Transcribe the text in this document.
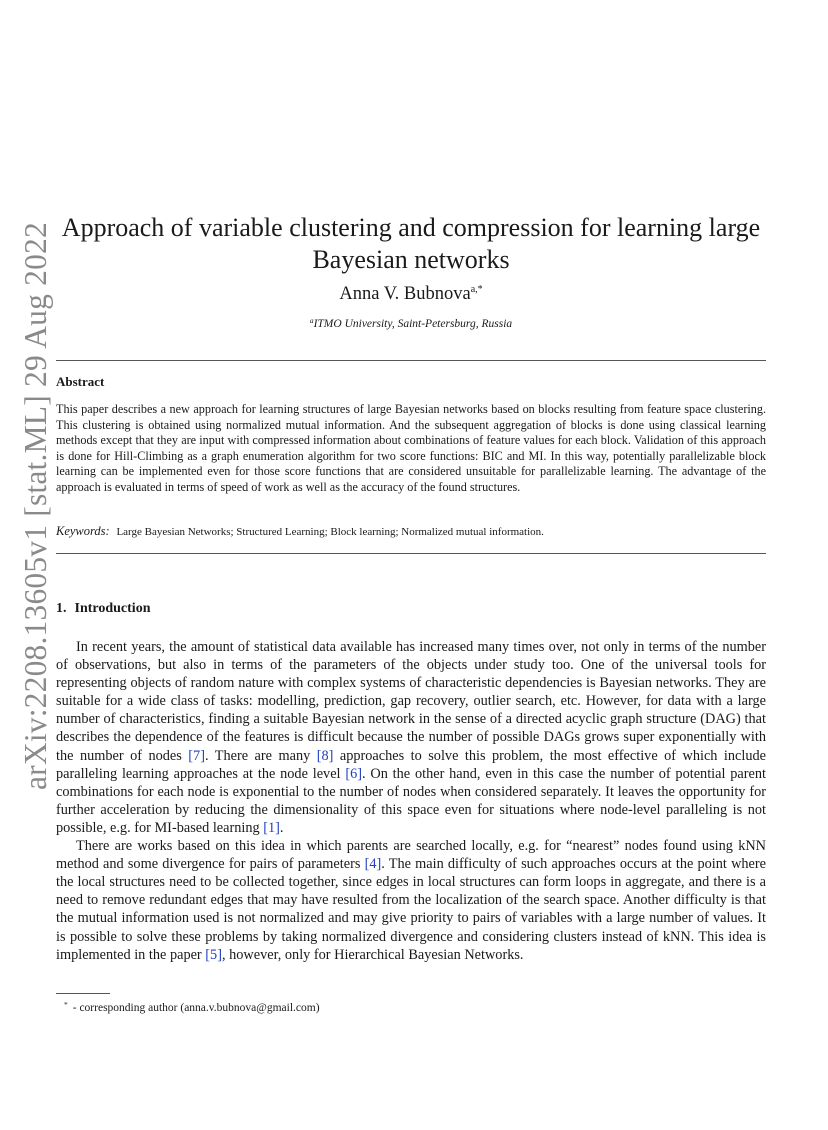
arXiv:2208.13605v1 [stat.ML] 29 Aug 2022 Approach of variable clustering and compression for learning large Bayesian networks
Anna V. Bubnova$^{a,*}$
$^a$ITMO University, Saint-Petersburg, Russia
Abstract
This paper describes a new approach for learning structures of large Bayesian networks based on blocks resulting from feature space clustering. This clustering is obtained using normalized mutual information. And the subsequent aggregation of blocks is done using classical learning methods except that they are input with compressed information about combinations of feature values for each block. Validation of this approach is done for Hill-Climbing as a graph enumeration algorithm for two score functions: BIC and MI. In this way, potentially parallelizable block learning can be implemented even for those score functions that are considered unsuitable for parallelizable learning. The advantage of the approach is evaluated in terms of speed of work as well as the accuracy of the found structures.
Keywords: Large Bayesian Networks; Structured Learning; Block learning; Normalized mutual information.
1. Introduction

In recent years, the amount of statistical data available has increased many times over, not only in terms of the number of observations, but also in terms of the parameters of the objects under study too. One of the universal tools for representing objects of random nature with complex systems of characteristic dependencies is Bayesian networks. They are suitable for a wide class of tasks: modelling, prediction, gap recovery, outlier search, etc. However, for data with a large number of characteristics, finding a suitable Bayesian network in the sense of a directed acyclic graph structure (DAG) that describes the dependence of the features is difficult because the number of possible DAGs grows super exponentially with the number of nodes [7]. There are many [8] approaches to solve this problem, the most effective of which include paralleling learning approaches at the node level [6]. On the other hand, even in this case the number of potential parent combinations for each node is exponential to the number of nodes when considered separately. It leaves the opportunity for further acceleration by reducing the dimensionality of this space even for situations where node-level paralleling is not possible, e.g. for MI-based learning [1].

There are works based on this idea in which parents are searched locally, e.g. for “nearest” nodes found using kNN method and some divergence for pairs of parameters [4]. The main difficulty of such approaches occurs at the point where the local structures need to be collected together, since edges in local structures can form loops in aggregate, and there is a need to remove redundant edges that may have resulted from the localization of the search space. Another difficulty is that the mutual information used is not normalized and may give priority to pairs of variables with a large number of values. It is possible to solve these problems by taking normalized divergence and considering clusters instead of kNN. This idea is implemented in the paper [5], however, only for Hierarchical Bayesian Networks.

* - corresponding author (anna.v.bubnova@gmail.com)
